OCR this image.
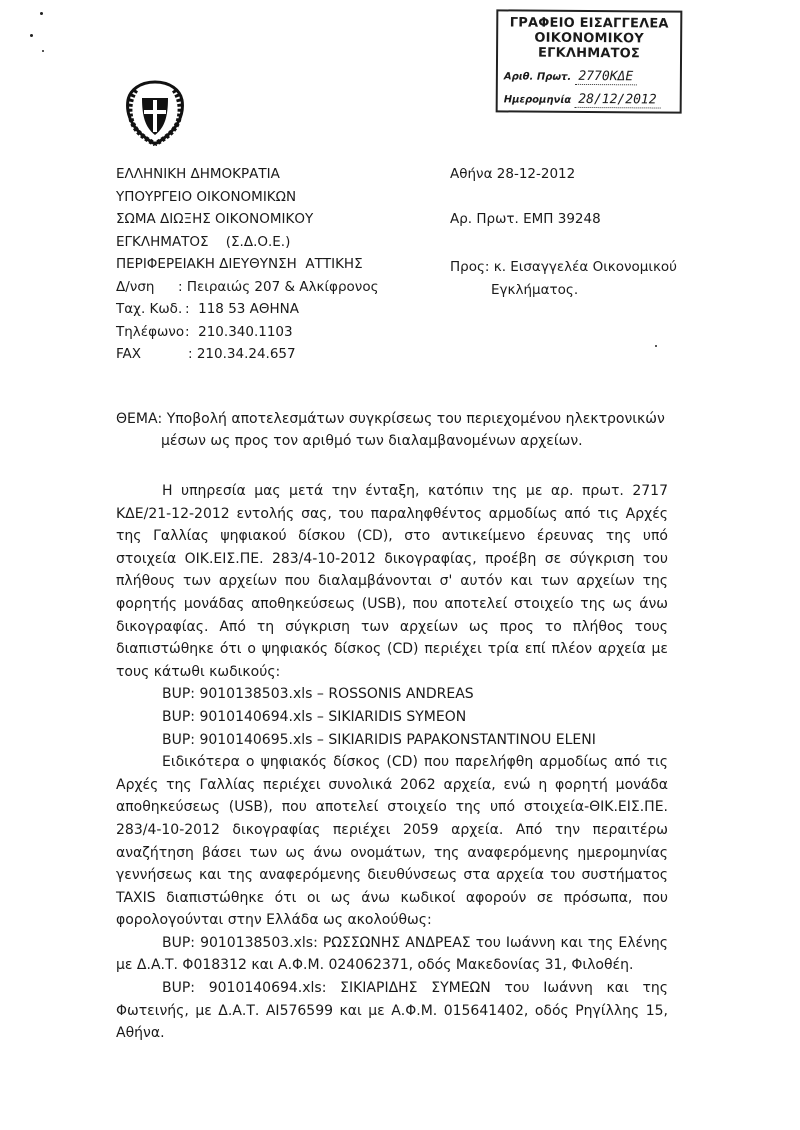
ΓΡΑΦΕΙΟ ΕΙΣΑΓΓΕΛΕΑ
ΟΙΚΟΝΟΜΙΚΟΥ ΕΓΚΛΗΜΑΤΟΣ
Αριθ. Πρωτ. 2770ΚΔΕ
Ημερομηνία 28/12/2012
ΕΛΛΗΝΙΚΗ ΔΗΜΟΚΡΑΤΙΑ
ΥΠΟΥΡΓΕΙΟ ΟΙΚΟΝΟΜΙΚΩΝ
ΣΩΜΑ ΔΙΩΞΗΣ ΟΙΚΟΝΟΜΙΚΟΥ
ΕΓΚΛΗΜΑΤΟΣ    (Σ.Δ.Ο.Ε.)
ΠΕΡΙΦΕΡΕΙΑΚΗ ΔΙΕΥΘΥΝΣΗ  ΑΤΤΙΚΗΣ
Δ/νση : Πειραιώς 207 & Αλκίφρονος
Ταχ. Κωδ. :  118 53 ΑΘΗΝΑ
Τηλέφωνο:  210.340.1103
FAX	: 210.34.24.657
Αθήνα 28-12-2012
Αρ. Πρωτ. ΕΜΠ 39248
Προς: κ. Εισαγγελέα Οικονομικού
Εγκλήματος.
ΘΕΜΑ: Υποβολή αποτελεσμάτων συγκρίσεως του περιεχομένου ηλεκτρονικών
μέσων ως προς τον αριθμό των διαλαμβανομένων αρχείων.

Η υπηρεσία μας μετά την ένταξη, κατόπιν της με αρ. πρωτ. 2717 ΚΔΕ/21-12-2012 εντολής σας, του παραληφθέντος αρμοδίως από τις Αρχές της Γαλλίας ψηφιακού δίσκου (CD), στο αντικείμενο έρευνας της υπό στοιχεία ΟΙΚ.ΕΙΣ.ΠΕ. 283/4-10-2012 δικογραφίας, προέβη σε σύγκριση του πλήθους των αρχείων που διαλαμβάνονται σ' αυτόν και των αρχείων της φορητής μονάδας αποθηκεύσεως (USB), που αποτελεί στοιχείο της ως άνω δικογραφίας. Από τη σύγκριση των αρχείων ως προς το πλήθος τους διαπιστώθηκε ότι ο ψηφιακός δίσκος (CD) περιέχει τρία επί πλέον αρχεία με τους κάτωθι κωδικούς:

BUP: 9010138503.xls – ROSSONIS ANDREAS

BUP: 9010140694.xls – SIKIARIDIS SYMEON

BUP: 9010140695.xls – SIKIARIDIS PAPAKONSTANTINOU ELENI

Ειδικότερα ο ψηφιακός δίσκος (CD) που παρελήφθη αρμοδίως από τις Αρχές της Γαλλίας περιέχει συνολικά 2062 αρχεία, ενώ η φορητή μονάδα αποθηκεύσεως (USB), που αποτελεί στοιχείο της υπό στοιχεία-ΘΙΚ.ΕΙΣ.ΠΕ. 283/4-10-2012 δικογραφίας περιέχει 2059 αρχεία. Από την περαιτέρω αναζήτηση βάσει των ως άνω ονομάτων, της αναφερόμενης ημερομηνίας γεννήσεως και της αναφερόμενης διευθύνσεως στα αρχεία του συστήματος TAXIS διαπιστώθηκε ότι οι ως άνω κωδικοί αφορούν σε πρόσωπα, που φορολογούνται στην Ελλάδα ως ακολούθως:

BUP: 9010138503.xls: ΡΩΣΣΩΝΗΣ ΑΝΔΡΕΑΣ του Ιωάννη και της Ελένης με Δ.Α.Τ. Φ018312 και Α.Φ.Μ. 024062371, οδός Μακεδονίας 31, Φιλοθέη.

BUP: 9010140694.xls: ΣΙΚΙΑΡΙΔΗΣ ΣΥΜΕΩΝ του Ιωάννη και της Φωτεινής, με Δ.Α.Τ. ΑΙ576599 και με Α.Φ.Μ. 015641402, οδός Ρηγίλλης 15, Αθήνα.
